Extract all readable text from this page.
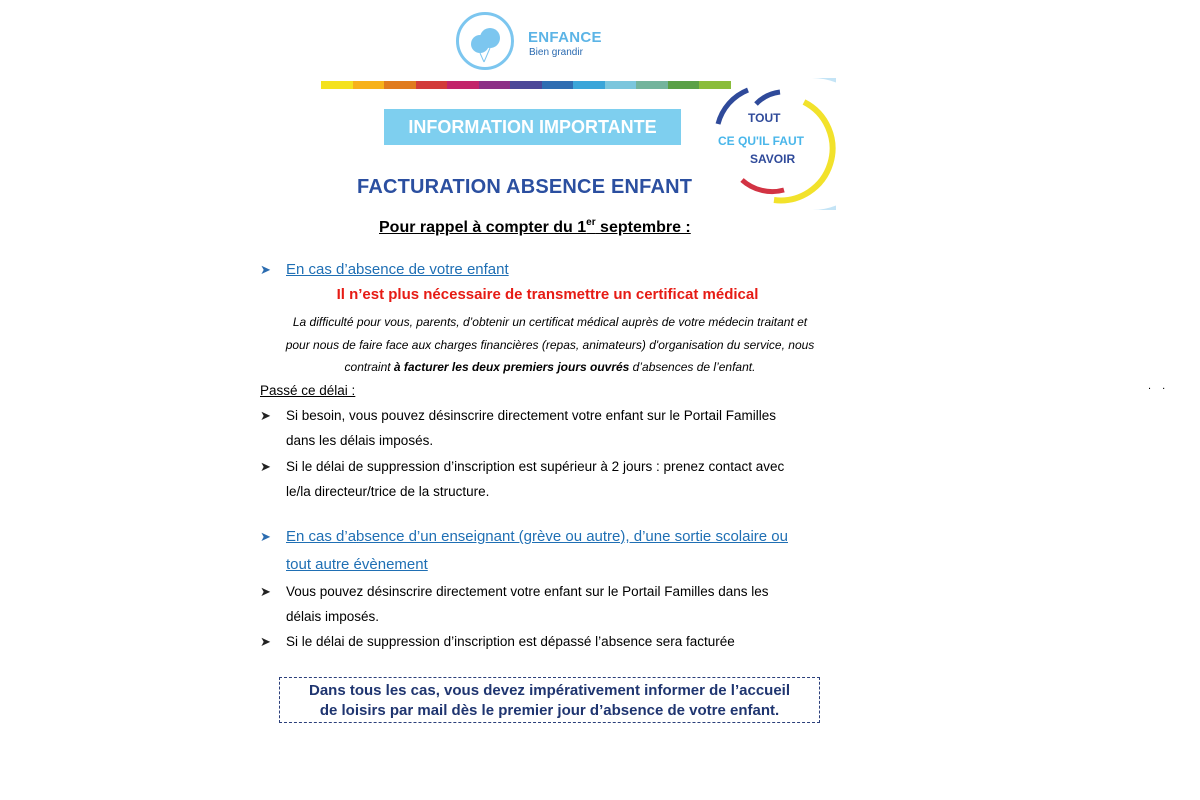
ENFANCE
Bien grandir
TOUT
CE QU'IL FAUT
SAVOIR
INFORMATION IMPORTANTE
FACTURATION ABSENCE ENFANT
Pour rappel à compter du 1er septembre :
➤ En cas d’absence de votre enfant
Il n’est plus nécessaire de transmettre un certificat médical
La difficulté pour vous, parents, d’obtenir un certificat médical auprès de votre médecin traitant et
pour nous de faire face aux charges financières (repas, animateurs) d'organisation du service, nous
contraint à facturer les deux premiers jours ouvrés d’absences de l’enfant.
Passé ce délai :	. .
➤ Si besoin, vous pouvez désinscrire directement votre enfant sur le Portail Familles
dans les délais imposés.
➤ Si le délai de suppression d’inscription est supérieur à 2 jours : prenez contact avec
le/la directeur/trice de la structure.
➤ En cas d’absence d’un enseignant (grève ou autre), d’une sortie scolaire ou
tout autre évènement
➤ Vous pouvez désinscrire directement votre enfant sur le Portail Familles dans les
délais imposés.
➤ Si le délai de suppression d’inscription est dépassé l’absence sera facturée
Dans tous les cas, vous devez impérativement informer de l’accueil
de loisirs par mail dès le premier jour d’absence de votre enfant.
